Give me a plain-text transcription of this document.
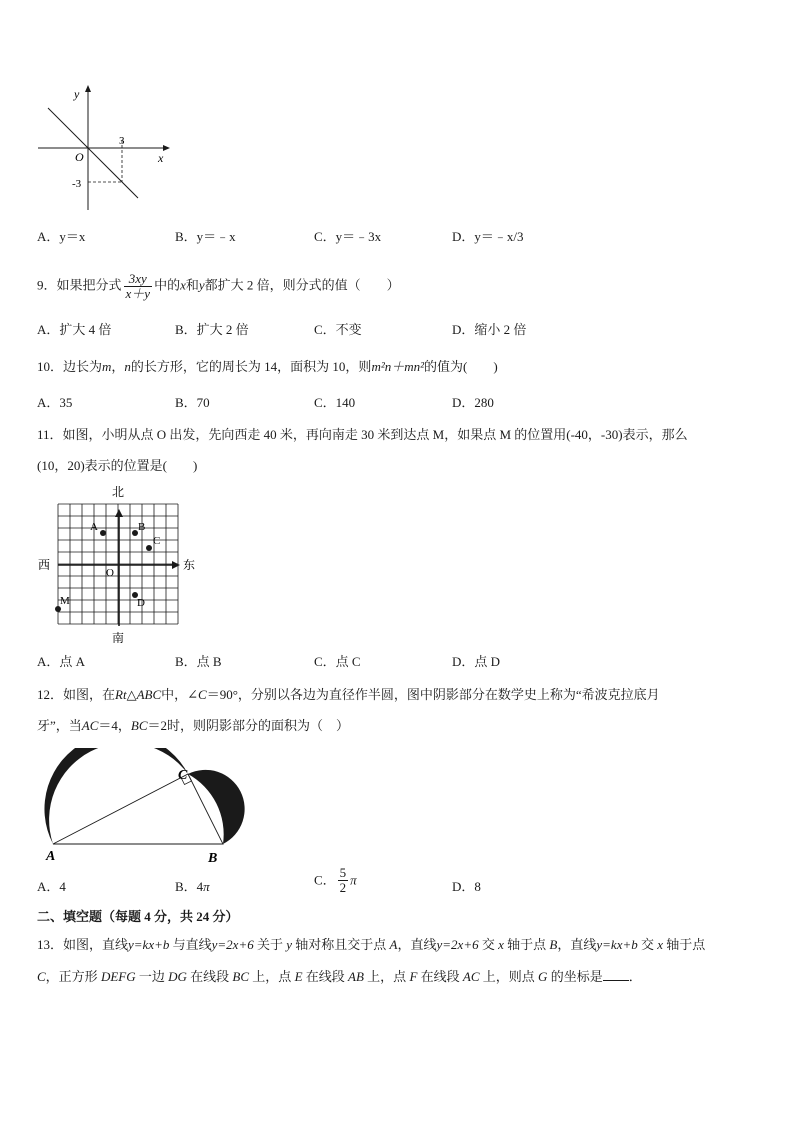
y
x
O
3
-3
A．y＝x	B．y＝﹣x	C．y＝﹣3x	D．y＝﹣x/3
9．如果把分式 $\frac{3xy}{x+y}$ 中的x和y都扩大 2 倍，则分式的值（　　）
A．扩大 4 倍	B．扩大 2 倍	C．不变	D．缩小 2 倍
10．边长为m，n的长方形，它的周长为 14，面积为 10，则m²n＋mn²的值为(　　)
A．35	B．70	C．140	D．280
11．如图，小明从点 O 出发，先向西走 40 米，再向南走 30 米到达点 M，如果点 M 的位置用(-40，-30)表示，那么
(10，20)表示的位置是(　　)
北
南
西	东
O
A	B
C
D
M
A．点 A	B．点 B	C．点 C	D．点 D
12．如图，在Rt△ABC中，∠C＝90°，分别以各边为直径作半圆，图中阴影部分在数学史上称为“希波克拉底月
牙”，当AC＝4，BC＝2时，则阴影部分的面积为（　）
A	B
C
A．4	B．4π	C． $\frac{5}{2}$ π	D．8
二、填空题（每题 4 分，共 24 分）
13．如图，直线y=kx+b 与直线y=2x+6 关于 y 轴对称且交于点 A，直线y=2x+6 交 x 轴于点 B，直线y=kx+b 交 x 轴于点
C，正方形 DEFG 一边 DG 在线段 BC 上，点 E 在线段 AB 上，点 F 在线段 AC 上，则点 G 的坐标是 ．
